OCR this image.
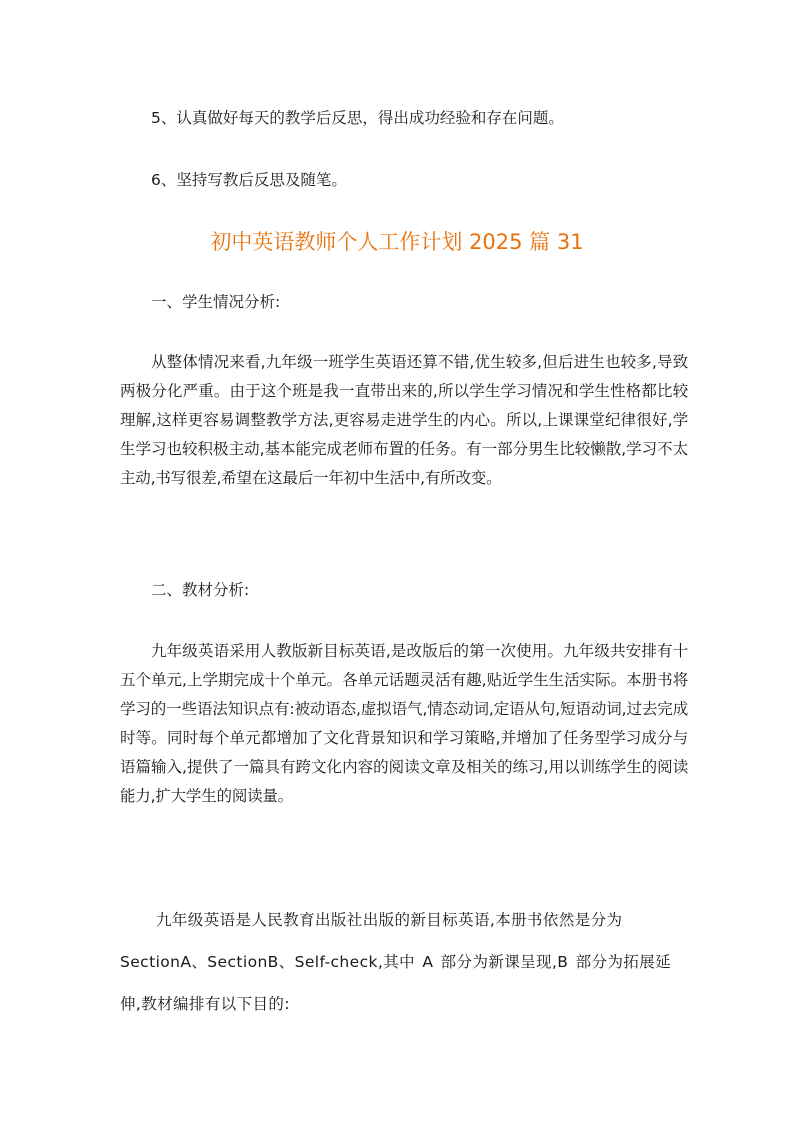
5、认真做好每天的教学后反思，得出成功经验和存在问题。

6、坚持写教后反思及随笔。

初中英语教师个人工作计划 2025 篇 31

一、学生情况分析:

从整体情况来看,九年级一班学生英语还算不错,优生较多,但后进生也较多,导致两极分化严重。由于这个班是我一直带出来的,所以学生学习情况和学生性格都比较理解,这样更容易调整教学方法,更容易走进学生的内心。所以,上课课堂纪律很好,学生学习也较积极主动,基本能完成老师布置的任务。有一部分男生比较懒散,学习不太主动,书写很差,希望在这最后一年初中生活中,有所改变。

二、教材分析:

九年级英语采用人教版新目标英语,是改版后的第一次使用。九年级共安排有十五个单元,上学期完成十个单元。各单元话题灵活有趣,贴近学生生活实际。本册书将学习的一些语法知识点有:被动语态,虚拟语气,情态动词,定语从句,短语动词,过去完成时等。同时每个单元都增加了文化背景知识和学习策略,并增加了任务型学习成分与语篇输入,提供了一篇具有跨文化内容的阅读文章及相关的练习,用以训练学生的阅读能力,扩大学生的阅读量。

九年级英语是人民教育出版社出版的新目标英语,本册书依然是分为SectionA、SectionB、Self-check,其中 A 部分为新课呈现,B 部分为拓展延伸,教材编排有以下目的:
